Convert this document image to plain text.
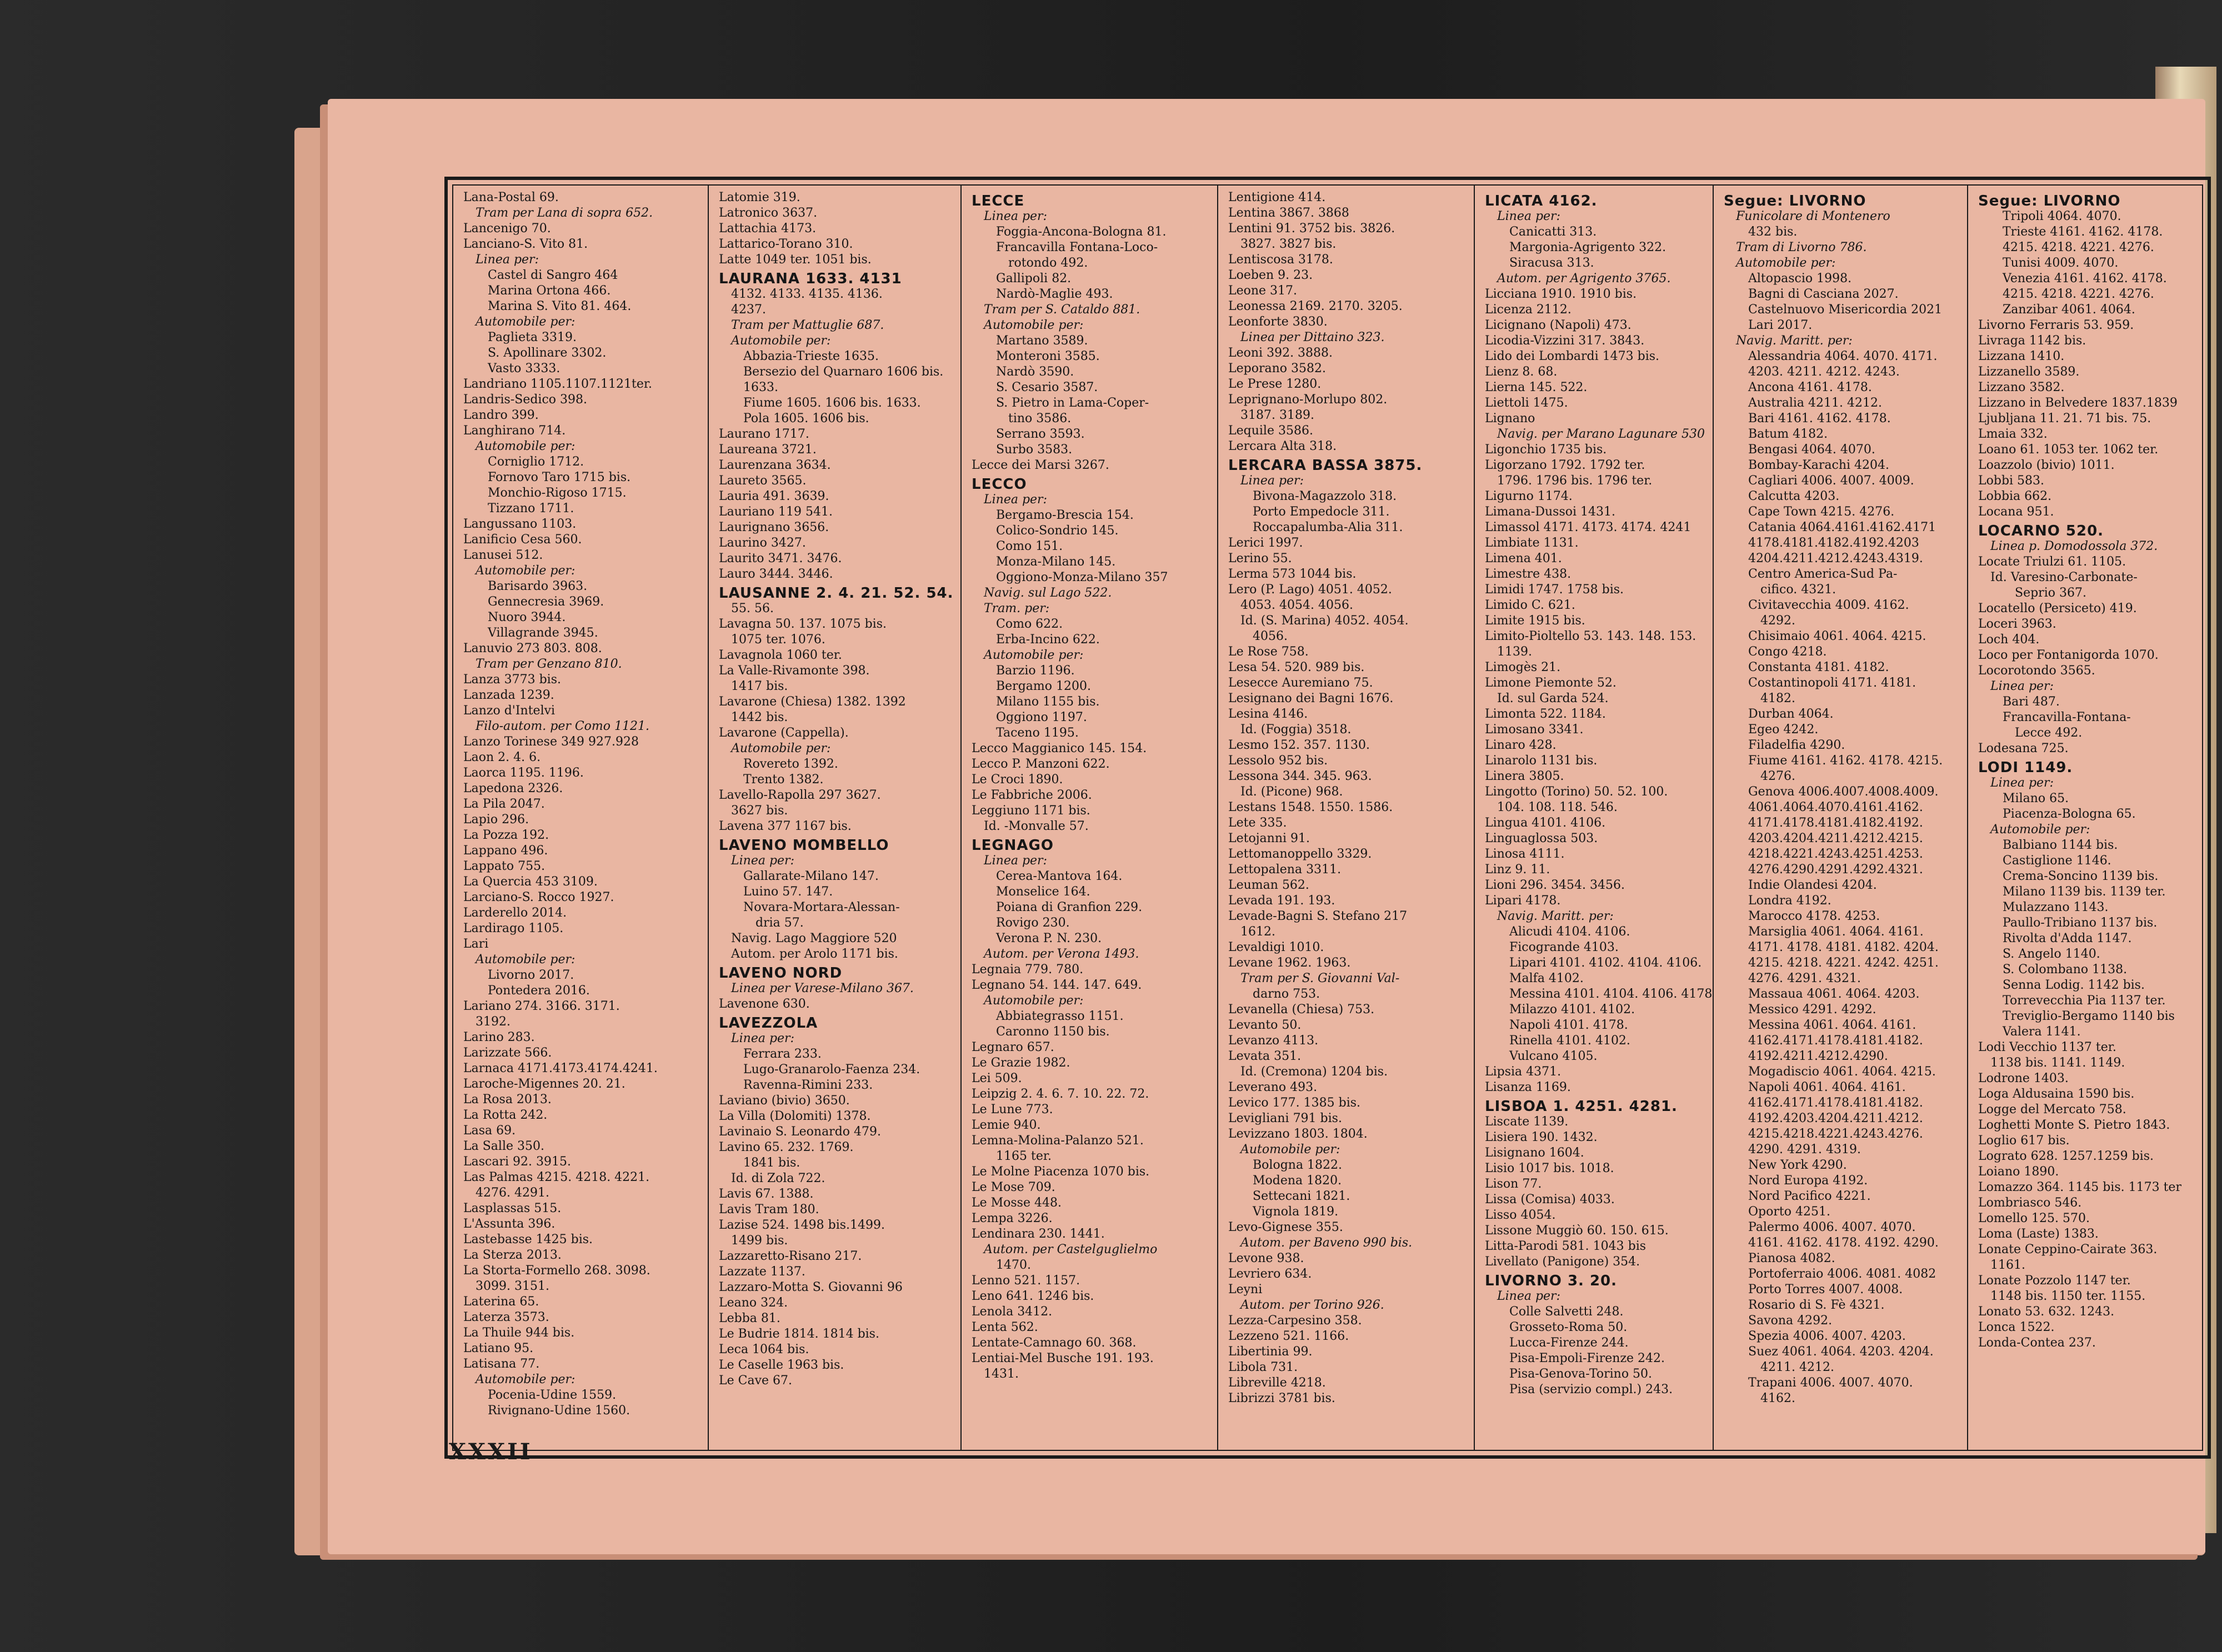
Lana-Postal 69.
Tram per Lana di sopra 652.
Lancenigo 70.
Lanciano-S. Vito 81.
Linea per:
Castel di Sangro 464
Marina Ortona 466.
Marina S. Vito 81. 464.
Automobile per:
Paglieta 3319.
S. Apollinare 3302.
Vasto 3333.
Landriano 1105.1107.1121ter.
Landris-Sedico 398.
Landro 399.
Langhirano 714.
Automobile per:
Corniglio 1712.
Fornovo Taro 1715 bis.
Monchio-Rigoso 1715.
Tizzano 1711.
Langussano 1103.
Lanificio Cesa 560.
Lanusei 512.
Automobile per:
Barisardo 3963.
Gennecresia 3969.
Nuoro 3944.
Villagrande 3945.
Lanuvio 273 803. 808.
Tram per Genzano 810.
Lanza 3773 bis.
Lanzada 1239.
Lanzo d'Intelvi
Filo-autom. per Como 1121.
Lanzo Torinese 349 927.928
Laon 2. 4. 6.
Laorca 1195. 1196.
Lapedona 2326.
La Pila 2047.
Lapio 296.
La Pozza 192.
Lappano 496.
Lappato 755.
La Quercia 453 3109.
Larciano-S. Rocco 1927.
Larderello 2014.
Lardirago 1105.
Lari
Automobile per:
Livorno 2017.
Pontedera 2016.
Lariano 274. 3166. 3171.
3192.
Larino 283.
Larizzate 566.
Larnaca 4171.4173.4174.4241.
Laroche-Migennes 20. 21.
La Rosa 2013.
La Rotta 242.
Lasa 69.
La Salle 350.
Lascari 92. 3915.
Las Palmas 4215. 4218. 4221.
4276. 4291.
Lasplassas 515.
L'Assunta 396.
Lastebasse 1425 bis.
La Sterza 2013.
La Storta-Formello 268. 3098.
3099. 3151.
Laterina 65.
Laterza 3573.
La Thuile 944 bis.
Latiano 95.
Latisana 77.
Automobile per:
Pocenia-Udine 1559.
Rivignano-Udine 1560.
Latomie 319.
Latronico 3637.
Lattachia 4173.
Lattarico-Torano 310.
Latte 1049 ter. 1051 bis.
LAURANA 1633. 4131
4132. 4133. 4135. 4136.
4237.
Tram per Mattuglie 687.
Automobile per:
Abbazia-Trieste 1635.
Bersezio del Quarnaro 1606 bis.
1633.
Fiume 1605. 1606 bis. 1633.
Pola 1605. 1606 bis.
Laurano 1717.
Laureana 3721.
Laurenzana 3634.
Laureto 3565.
Lauria 491. 3639.
Lauriano 119 541.
Laurignano 3656.
Laurino 3427.
Laurito 3471. 3476.
Lauro 3444. 3446.
LAUSANNE 2. 4. 21. 52. 54.
55. 56.
Lavagna 50. 137. 1075 bis.
1075 ter. 1076.
Lavagnola 1060 ter.
La Valle-Rivamonte 398.
1417 bis.
Lavarone (Chiesa) 1382. 1392
1442 bis.
Lavarone (Cappella).
Automobile per:
Rovereto 1392.
Trento 1382.
Lavello-Rapolla 297 3627.
3627 bis.
Lavena 377 1167 bis.
LAVENO MOMBELLO
Linea per:
Gallarate-Milano 147.
Luino 57. 147.
Novara-Mortara-Alessan-
dria 57.
Navig. Lago Maggiore 520
Autom. per Arolo 1171 bis.
LAVENO NORD
Linea per Varese-Milano 367.
Lavenone 630.
LAVEZZOLA
Linea per:
Ferrara 233.
Lugo-Granarolo-Faenza 234.
Ravenna-Rimini 233.
Laviano (bivio) 3650.
La Villa (Dolomiti) 1378.
Lavinaio S. Leonardo 479.
Lavino 65. 232. 1769.
1841 bis.
Id. di Zola 722.
Lavis 67. 1388.
Lavis Tram 180.
Lazise 524. 1498 bis.1499.
1499 bis.
Lazzaretto-Risano 217.
Lazzate 1137.
Lazzaro-Motta S. Giovanni 96
Leano 324.
Lebba 81.
Le Budrie 1814. 1814 bis.
Leca 1064 bis.
Le Caselle 1963 bis.
Le Cave 67.
LECCE
Linea per:
Foggia-Ancona-Bologna 81.
Francavilla Fontana-Loco-
rotondo 492.
Gallipoli 82.
Nardò-Maglie 493.
Tram per S. Cataldo 881.
Automobile per:
Martano 3589.
Monteroni 3585.
Nardò 3590.
S. Cesario 3587.
S. Pietro in Lama-Coper-
tino 3586.
Serrano 3593.
Surbo 3583.
Lecce dei Marsi 3267.
LECCO
Linea per:
Bergamo-Brescia 154.
Colico-Sondrio 145.
Como 151.
Monza-Milano 145.
Oggiono-Monza-Milano 357
Navig. sul Lago 522.
Tram. per:
Como 622.
Erba-Incino 622.
Automobile per:
Barzio 1196.
Bergamo 1200.
Milano 1155 bis.
Oggiono 1197.
Taceno 1195.
Lecco Maggianico 145. 154.
Lecco P. Manzoni 622.
Le Croci 1890.
Le Fabbriche 2006.
Leggiuno 1171 bis.
Id. -Monvalle 57.
LEGNAGO
Linea per:
Cerea-Mantova 164.
Monselice 164.
Poiana di Granfion 229.
Rovigo 230.
Verona P. N. 230.
Autom. per Verona 1493.
Legnaia 779. 780.
Legnano 54. 144. 147. 649.
Automobile per:
Abbiategrasso 1151.
Caronno 1150 bis.
Legnaro 657.
Le Grazie 1982.
Lei 509.
Leipzig 2. 4. 6. 7. 10. 22. 72.
Le Lune 773.
Lemie 940.
Lemna-Molina-Palanzo 521.
1165 ter.
Le Molne Piacenza 1070 bis.
Le Mose 709.
Le Mosse 448.
Lempa 3226.
Lendinara 230. 1441.
Autom. per Castelguglielmo
1470.
Lenno 521. 1157.
Leno 641. 1246 bis.
Lenola 3412.
Lenta 562.
Lentate-Camnago 60. 368.
Lentiai-Mel Busche 191. 193.
1431.
Lentigione 414.
Lentina 3867. 3868
Lentini 91. 3752 bis. 3826.
3827. 3827 bis.
Lentiscosa 3178.
Loeben 9. 23.
Leone 317.
Leonessa 2169. 2170. 3205.
Leonforte 3830.
Linea per Dittaino 323.
Leoni 392. 3888.
Leporano 3582.
Le Prese 1280.
Leprignano-Morlupo 802.
3187. 3189.
Lequile 3586.
Lercara Alta 318.
LERCARA BASSA 3875.
Linea per:
Bivona-Magazzolo 318.
Porto Empedocle 311.
Roccapalumba-Alia 311.
Lerici 1997.
Lerino 55.
Lerma 573 1044 bis.
Lero (P. Lago) 4051. 4052.
4053. 4054. 4056.
Id. (S. Marina) 4052. 4054.
4056.
Le Rose 758.
Lesa 54. 520. 989 bis.
Lesecce Auremiano 75.
Lesignano dei Bagni 1676.
Lesina 4146.
Id. (Foggia) 3518.
Lesmo 152. 357. 1130.
Lessolo 952 bis.
Lessona 344. 345. 963.
Id. (Picone) 968.
Lestans 1548. 1550. 1586.
Lete 335.
Letojanni 91.
Lettomanoppello 3329.
Lettopalena 3311.
Leuman 562.
Levada 191. 193.
Levade-Bagni S. Stefano 217
1612.
Levaldigi 1010.
Levane 1962. 1963.
Tram per S. Giovanni Val-
darno 753.
Levanella (Chiesa) 753.
Levanto 50.
Levanzo 4113.
Levata 351.
Id. (Cremona) 1204 bis.
Leverano 493.
Levico 177. 1385 bis.
Levigliani 791 bis.
Levizzano 1803. 1804.
Automobile per:
Bologna 1822.
Modena 1820.
Settecani 1821.
Vignola 1819.
Levo-Gignese 355.
Autom. per Baveno 990 bis.
Levone 938.
Levriero 634.
Leyni
Autom. per Torino 926.
Lezza-Carpesino 358.
Lezzeno 521. 1166.
Libertinia 99.
Libola 731.
Libreville 4218.
Librizzi 3781 bis.
LICATA 4162.
Linea per:
Canicatti 313.
Margonia-Agrigento 322.
Siracusa 313.
Autom. per Agrigento 3765.
Licciana 1910. 1910 bis.
Licenza 2112.
Licignano (Napoli) 473.
Licodia-Vizzini 317. 3843.
Lido dei Lombardi 1473 bis.
Lienz 8. 68.
Lierna 145. 522.
Liettoli 1475.
Lignano
Navig. per Marano Lagunare 530
Ligonchio 1735 bis.
Ligorzano 1792. 1792 ter.
1796. 1796 bis. 1796 ter.
Ligurno 1174.
Limana-Dussoi 1431.
Limassol 4171. 4173. 4174. 4241
Limbiate 1131.
Limena 401.
Limestre 438.
Limidi 1747. 1758 bis.
Limido C. 621.
Limite 1915 bis.
Limito-Pioltello 53. 143. 148. 153.
1139.
Limogès 21.
Limone Piemonte 52.
Id. sul Garda 524.
Limonta 522. 1184.
Limosano 3341.
Linaro 428.
Linarolo 1131 bis.
Linera 3805.
Lingotto (Torino) 50. 52. 100.
104. 108. 118. 546.
Lingua 4101. 4106.
Linguaglossa 503.
Linosa 4111.
Linz 9. 11.
Lioni 296. 3454. 3456.
Lipari 4178.
Navig. Maritt. per:
Alicudi 4104. 4106.
Ficogrande 4103.
Lipari 4101. 4102. 4104. 4106.
Malfa 4102.
Messina 4101. 4104. 4106. 4178
Milazzo 4101. 4102.
Napoli 4101. 4178.
Rinella 4101. 4102.
Vulcano 4105.
Lipsia 4371.
Lisanza 1169.
LISBOA 1. 4251. 4281.
Liscate 1139.
Lisiera 190. 1432.
Lisignano 1604.
Lisio 1017 bis. 1018.
Lison 77.
Lissa (Comisa) 4033.
Lisso 4054.
Lissone Muggiò 60. 150. 615.
Litta-Parodi 581. 1043 bis
Livellato (Panigone) 354.
LIVORNO 3. 20.
Linea per:
Colle Salvetti 248.
Grosseto-Roma 50.
Lucca-Firenze 244.
Pisa-Empoli-Firenze 242.
Pisa-Genova-Torino 50.
Pisa (servizio compl.) 243.
Segue: LIVORNO
Funicolare di Montenero
432 bis.
Tram di Livorno 786.
Automobile per:
Altopascio 1998.
Bagni di Casciana 2027.
Castelnuovo Misericordia 2021
Lari 2017.
Navig. Maritt. per:
Alessandria 4064. 4070. 4171.
4203. 4211. 4212. 4243.
Ancona 4161. 4178.
Australia 4211. 4212.
Bari 4161. 4162. 4178.
Batum 4182.
Bengasi 4064. 4070.
Bombay-Karachi 4204.
Cagliari 4006. 4007. 4009.
Calcutta 4203.
Cape Town 4215. 4276.
Catania 4064.4161.4162.4171
4178.4181.4182.4192.4203
4204.4211.4212.4243.4319.
Centro America-Sud Pa-
cifico. 4321.
Civitavecchia 4009. 4162.
4292.
Chisimaio 4061. 4064. 4215.
Congo 4218.
Constanta 4181. 4182.
Costantinopoli 4171. 4181.
4182.
Durban 4064.
Egeo 4242.
Filadelfia 4290.
Fiume 4161. 4162. 4178. 4215.
4276.
Genova 4006.4007.4008.4009.
4061.4064.4070.4161.4162.
4171.4178.4181.4182.4192.
4203.4204.4211.4212.4215.
4218.4221.4243.4251.4253.
4276.4290.4291.4292.4321.
Indie Olandesi 4204.
Londra 4192.
Marocco 4178. 4253.
Marsiglia 4061. 4064. 4161.
4171. 4178. 4181. 4182. 4204.
4215. 4218. 4221. 4242. 4251.
4276. 4291. 4321.
Massaua 4061. 4064. 4203.
Messico 4291. 4292.
Messina 4061. 4064. 4161.
4162.4171.4178.4181.4182.
4192.4211.4212.4290.
Mogadiscio 4061. 4064. 4215.
Napoli 4061. 4064. 4161.
4162.4171.4178.4181.4182.
4192.4203.4204.4211.4212.
4215.4218.4221.4243.4276.
4290. 4291. 4319.
New York 4290.
Nord Europa 4192.
Nord Pacifico 4221.
Oporto 4251.
Palermo 4006. 4007. 4070.
4161. 4162. 4178. 4192. 4290.
Pianosa 4082.
Portoferraio 4006. 4081. 4082
Porto Torres 4007. 4008.
Rosario di S. Fè 4321.
Savona 4292.
Spezia 4006. 4007. 4203.
Suez 4061. 4064. 4203. 4204.
4211. 4212.
Trapani 4006. 4007. 4070.
4162.
Segue: LIVORNO
Tripoli 4064. 4070.
Trieste 4161. 4162. 4178.
4215. 4218. 4221. 4276.
Tunisi 4009. 4070.
Venezia 4161. 4162. 4178.
4215. 4218. 4221. 4276.
Zanzibar 4061. 4064.
Livorno Ferraris 53. 959.
Livraga 1142 bis.
Lizzana 1410.
Lizzanello 3589.
Lizzano 3582.
Lizzano in Belvedere 1837.1839
Ljubljana 11. 21. 71 bis. 75.
Lmaia 332.
Loano 61. 1053 ter. 1062 ter.
Loazzolo (bivio) 1011.
Lobbi 583.
Lobbia 662.
Locana 951.
LOCARNO 520.
Linea p. Domodossola 372.
Locate Triulzi 61. 1105.
Id. Varesino-Carbonate-
Seprio 367.
Locatello (Persiceto) 419.
Loceri 3963.
Loch 404.
Loco per Fontanigorda 1070.
Locorotondo 3565.
Linea per:
Bari 487.
Francavilla-Fontana-
Lecce 492.
Lodesana 725.
LODI 1149.
Linea per:
Milano 65.
Piacenza-Bologna 65.
Automobile per:
Balbiano 1144 bis.
Castiglione 1146.
Crema-Soncino 1139 bis.
Milano 1139 bis. 1139 ter.
Mulazzano 1143.
Paullo-Tribiano 1137 bis.
Rivolta d'Adda 1147.
S. Angelo 1140.
S. Colombano 1138.
Senna Lodig. 1142 bis.
Torrevecchia Pia 1137 ter.
Treviglio-Bergamo 1140 bis
Valera 1141.
Lodi Vecchio 1137 ter.
1138 bis. 1141. 1149.
Lodrone 1403.
Loga Aldusaina 1590 bis.
Logge del Mercato 758.
Loghetti Monte S. Pietro 1843.
Loglio 617 bis.
Lograto 628. 1257.1259 bis.
Loiano 1890.
Lomazzo 364. 1145 bis. 1173 ter
Lombriasco 546.
Lomello 125. 570.
Loma (Laste) 1383.
Lonate Ceppino-Cairate 363.
1161.
Lonate Pozzolo 1147 ter.
1148 bis. 1150 ter. 1155.
Lonato 53. 632. 1243.
Lonca 1522.
Londa-Contea 237.
XXXII
